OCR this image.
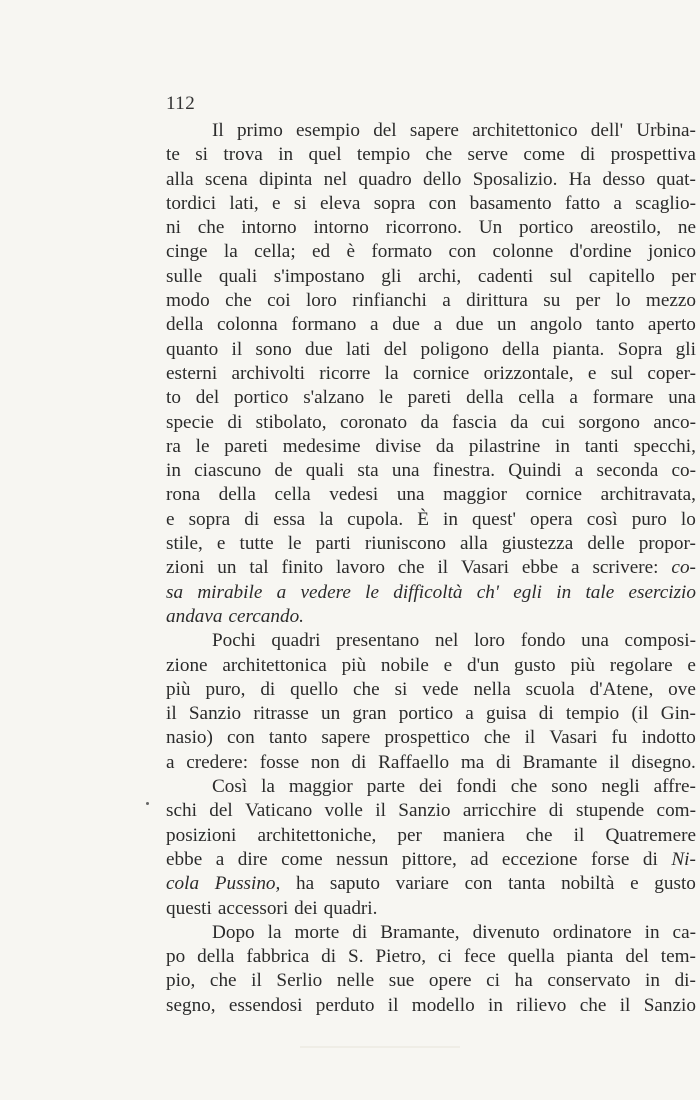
112
Il primo esempio del sapere architettonico dell' Urbina-
te si trova in quel tempio che serve come di prospettiva
alla scena dipinta nel quadro dello Sposalizio. Ha desso quat-
tordici lati, e si eleva sopra con basamento fatto a scaglio-
ni che intorno intorno ricorrono. Un portico areostilo, ne
cinge la cella; ed è formato con colonne d'ordine jonico
sulle quali s'impostano gli archi, cadenti sul capitello per
modo che coi loro rinfianchi a dirittura su per lo mezzo
della colonna formano a due a due un angolo tanto aperto
quanto il sono due lati del poligono della pianta. Sopra gli
esterni archivolti ricorre la cornice orizzontale, e sul coper-
to del portico s'alzano le pareti della cella a formare una
specie di stibolato, coronato da fascia da cui sorgono anco-
ra le pareti medesime divise da pilastrine in tanti specchi,
in ciascuno de quali sta una finestra. Quindi a seconda co-
rona della cella vedesi una maggior cornice architravata,
e sopra di essa la cupola. È in quest' opera così puro lo
stile, e tutte le parti riuniscono alla giustezza delle propor-
zioni un tal finito lavoro che il Vasari ebbe a scrivere: co-
sa mirabile a vedere le difficoltà ch' egli in tale esercizio
andava cercando.
Pochi quadri presentano nel loro fondo una composi-
zione architettonica più nobile e d'un gusto più regolare e
più puro, di quello che si vede nella scuola d'Atene, ove
il Sanzio ritrasse un gran portico a guisa di tempio (il Gin-
nasio) con tanto sapere prospettico che il Vasari fu indotto
a credere: fosse non di Raffaello ma di Bramante il disegno.
Così la maggior parte dei fondi che sono negli affre-
schi del Vaticano volle il Sanzio arricchire di stupende com-
posizioni architettoniche, per maniera che il Quatremere
ebbe a dire come nessun pittore, ad eccezione forse di Ni-
cola Pussino, ha saputo variare con tanta nobiltà e gusto
questi accessori dei quadri.
Dopo la morte di Bramante, divenuto ordinatore in ca-
po della fabbrica di S. Pietro, ci fece quella pianta del tem-
pio, che il Serlio nelle sue opere ci ha conservato in di-
segno, essendosi perduto il modello in rilievo che il Sanzio
